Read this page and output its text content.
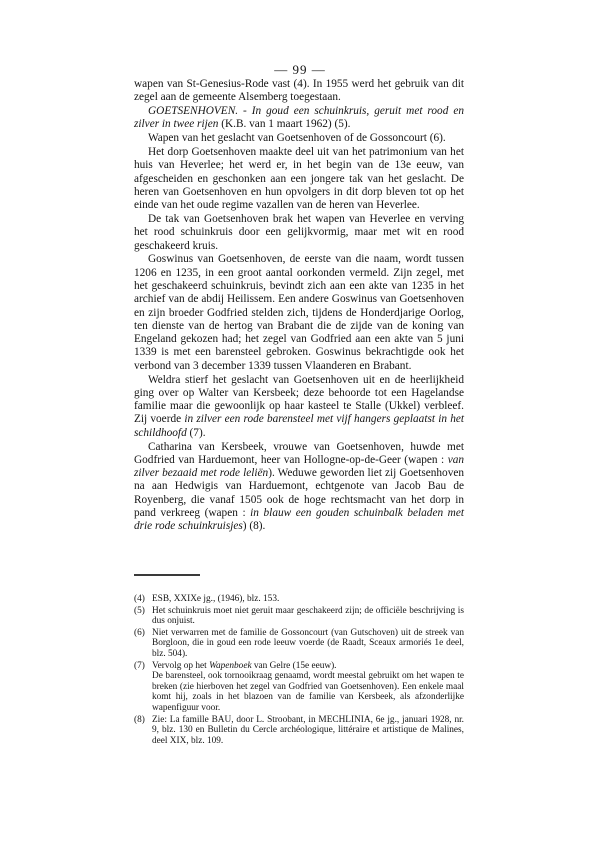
— 99 —

wapen van St-Genesius-Rode vast (4). In 1955 werd het gebruik van dit zegel aan de gemeente Alsemberg toegestaan.

GOETSENHOVEN. - In goud een schuinkruis, geruit met rood en zilver in twee rijen (K.B. van 1 maart 1962) (5).

Wapen van het geslacht van Goetsenhoven of de Gossoncourt (6).

Het dorp Goetsenhoven maakte deel uit van het patrimonium van het huis van Heverlee; het werd er, in het begin van de 13e eeuw, van afgescheiden en geschonken aan een jongere tak van het geslacht. De heren van Goetsenhoven en hun opvolgers in dit dorp bleven tot op het einde van het oude regime vazallen van de heren van Heverlee.

De tak van Goetsenhoven brak het wapen van Heverlee en verving het rood schuinkruis door een gelijkvormig, maar met wit en rood geschakeerd kruis.

Goswinus van Goetsenhoven, de eerste van die naam, wordt tussen 1206 en 1235, in een groot aantal oorkonden vermeld. Zijn zegel, met het geschakeerd schuinkruis, bevindt zich aan een akte van 1235 in het archief van de abdij Heilissem. Een andere Goswinus van Goetsenhoven en zijn broeder Godfried stelden zich, tijdens de Honderdjarige Oorlog, ten dienste van de hertog van Brabant die de zijde van de koning van Engeland gekozen had; het zegel van Godfried aan een akte van 5 juni 1339 is met een barensteel gebroken. Goswinus bekrachtigde ook het verbond van 3 december 1339 tussen Vlaanderen en Brabant.

Weldra stierf het geslacht van Goetsenhoven uit en de heerlijkheid ging over op Walter van Kersbeek; deze behoorde tot een Hagelandse familie maar die gewoonlijk op haar kasteel te Stalle (Ukkel) verbleef. Zij voerde in zilver een rode barensteel met vijf hangers geplaatst in het schildhoofd (7).

Catharina van Kersbeek, vrouwe van Goetsenhoven, huwde met Godfried van Harduemont, heer van Hollogne-op-de-Geer (wapen : van zilver bezaaid met rode leliën). Weduwe geworden liet zij Goetsenhoven na aan Hedwigis van Harduemont, echtgenote van Jacob Bau de Royenberg, die vanaf 1505 ook de hoge rechtsmacht van het dorp in pand verkreeg (wapen : in blauw een gouden schuinbalk beladen met drie rode schuinkruisjes) (8).

(4) ESB, XXIXe jg., (1946), blz. 153.
(5) Het schuinkruis moet niet geruit maar geschakeerd zijn; de officiële beschrijving is dus onjuist.
(6) Niet verwarren met de familie de Gossoncourt (van Gutschoven) uit de streek van Borgloon, die in goud een rode leeuw voerde (de Raadt, Sceaux armoriés 1e deel, blz. 504).
(7) Vervolg op het Wapenboek van Gelre (15e eeuw).
De barensteel, ook tornooikraag genaamd, wordt meestal gebruikt om het wapen te breken (zie hierboven het zegel van Godfried van Goetsenhoven). Een enkele maal komt hij, zoals in het blazoen van de familie van Kersbeek, als afzonderlijke wapenfiguur voor.
(8) Zie: La famille BAU, door L. Stroobant, in MECHLINIA, 6e jg., januari 1928, nr. 9, blz. 130 en Bulletin du Cercle archéologique, littéraire et artistique de Malines, deel XIX, blz. 109.
